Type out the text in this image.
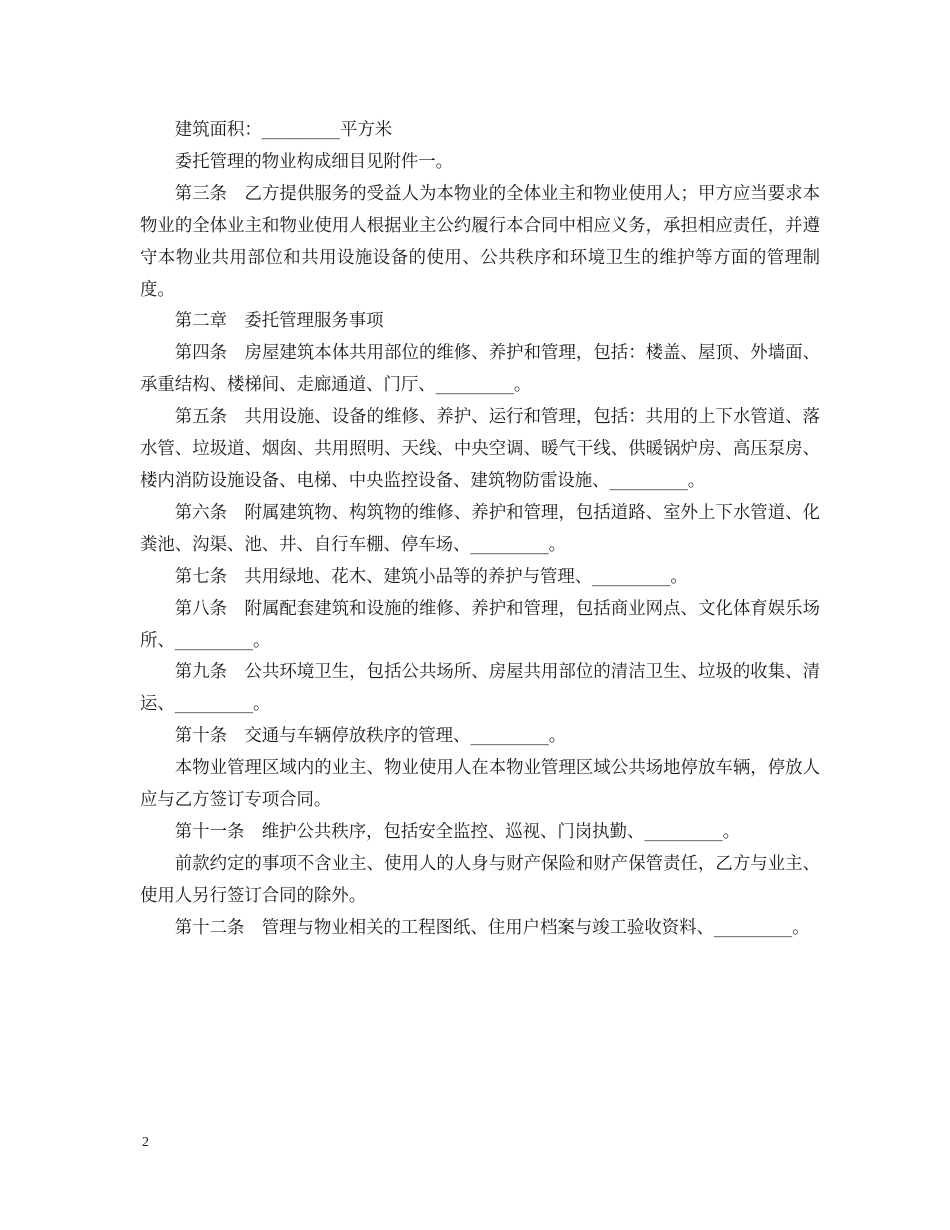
建筑面积：_________平方米

委托管理的物业构成细目见附件一。

第三条　乙方提供服务的受益人为本物业的全体业主和物业使用人；甲方应当要求本物业的全体业主和物业使用人根据业主公约履行本合同中相应义务，承担相应责任，并遵守本物业共用部位和共用设施设备的使用、公共秩序和环境卫生的维护等方面的管理制度。

第二章　委托管理服务事项

第四条　房屋建筑本体共用部位的维修、养护和管理，包括：楼盖、屋顶、外墙面、承重结构、楼梯间、走廊通道、门厅、_________。

第五条　共用设施、设备的维修、养护、运行和管理，包括：共用的上下水管道、落水管、垃圾道、烟囱、共用照明、天线、中央空调、暖气干线、供暖锅炉房、高压泵房、楼内消防设施设备、电梯、中央监控设备、建筑物防雷设施、_________。

第六条　附属建筑物、构筑物的维修、养护和管理，包括道路、室外上下水管道、化粪池、沟渠、池、井、自行车棚、停车场、_________。

第七条　共用绿地、花木、建筑小品等的养护与管理、_________。

第八条　附属配套建筑和设施的维修、养护和管理，包括商业网点、文化体育娱乐场所、_________。

第九条　公共环境卫生，包括公共场所、房屋共用部位的清洁卫生、垃圾的收集、清运、_________。

第十条　交通与车辆停放秩序的管理、_________。

本物业管理区域内的业主、物业使用人在本物业管理区域公共场地停放车辆，停放人应与乙方签订专项合同。

第十一条　维护公共秩序，包括安全监控、巡视、门岗执勤、_________。

前款约定的事项不含业主、使用人的人身与财产保险和财产保管责任，乙方与业主、使用人另行签订合同的除外。

第十二条　管理与物业相关的工程图纸、住用户档案与竣工验收资料、_________。

2
